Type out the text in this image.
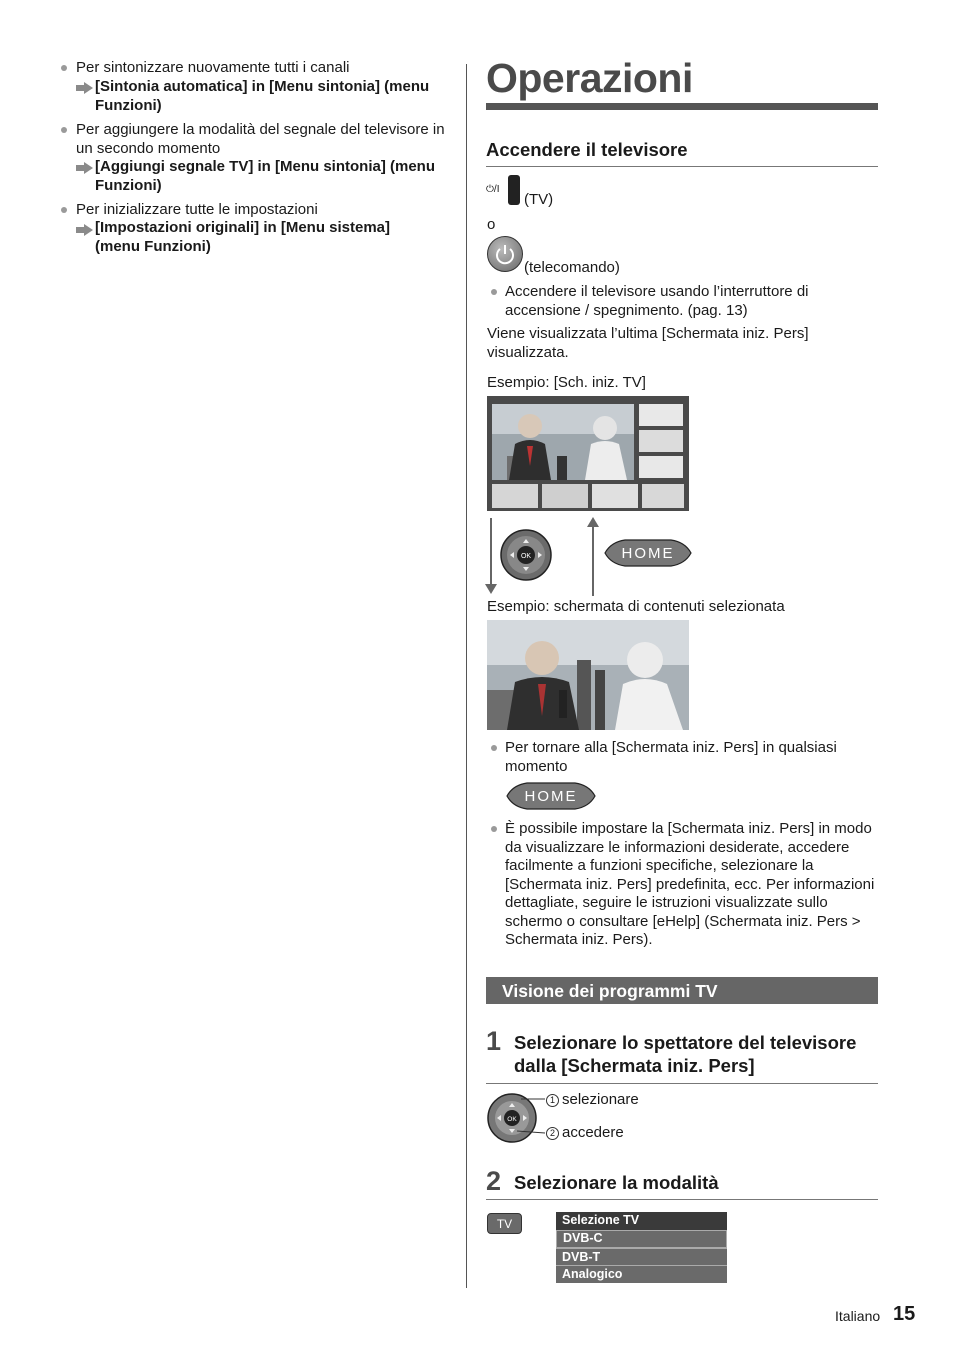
Per sintonizzare nuovamente tutti i canali
[Sintonia automatica] in [Menu sintonia] (menu Funzioni)
Per aggiungere la modalità del segnale del televisore in un secondo momento
[Aggiungi segnale TV] in [Menu sintonia] (menu Funzioni)
Per inizializzare tutte le impostazioni
[Impostazioni originali] in [Menu sistema] (menu Funzioni)
Operazioni
Accendere il televisore
⏻/I
(TV)
o
(telecomando)
Accendere il televisore usando l’interruttore di accensione / spegnimento. (pag. 13)
Viene visualizzata l’ultima [Schermata iniz. Pers] visualizzata.
Esempio: [Sch. iniz. TV]
OK	HOME
Esempio: schermata di contenuti selezionata
Per tornare alla [Schermata iniz. Pers] in qualsiasi momento
HOME
È possibile impostare la [Schermata iniz. Pers] in modo da visualizzare le informazioni desiderate, accedere facilmente a funzioni specifiche, selezionare la [Schermata iniz. Pers] predefinita, ecc. Per informazioni dettagliate, seguire le istruzioni visualizzate sullo schermo o consultare [eHelp] (Schermata iniz. Pers > Schermata iniz. Pers).
Visione dei programmi TV
1 Selezionare lo spettatore del televisore dalla [Schermata iniz. Pers]
OK
1 selezionare
2 accedere
2 Selezionare la modalità
TV	Selezione TV
DVB-C
DVB-T
Analogico
Italiano 15
